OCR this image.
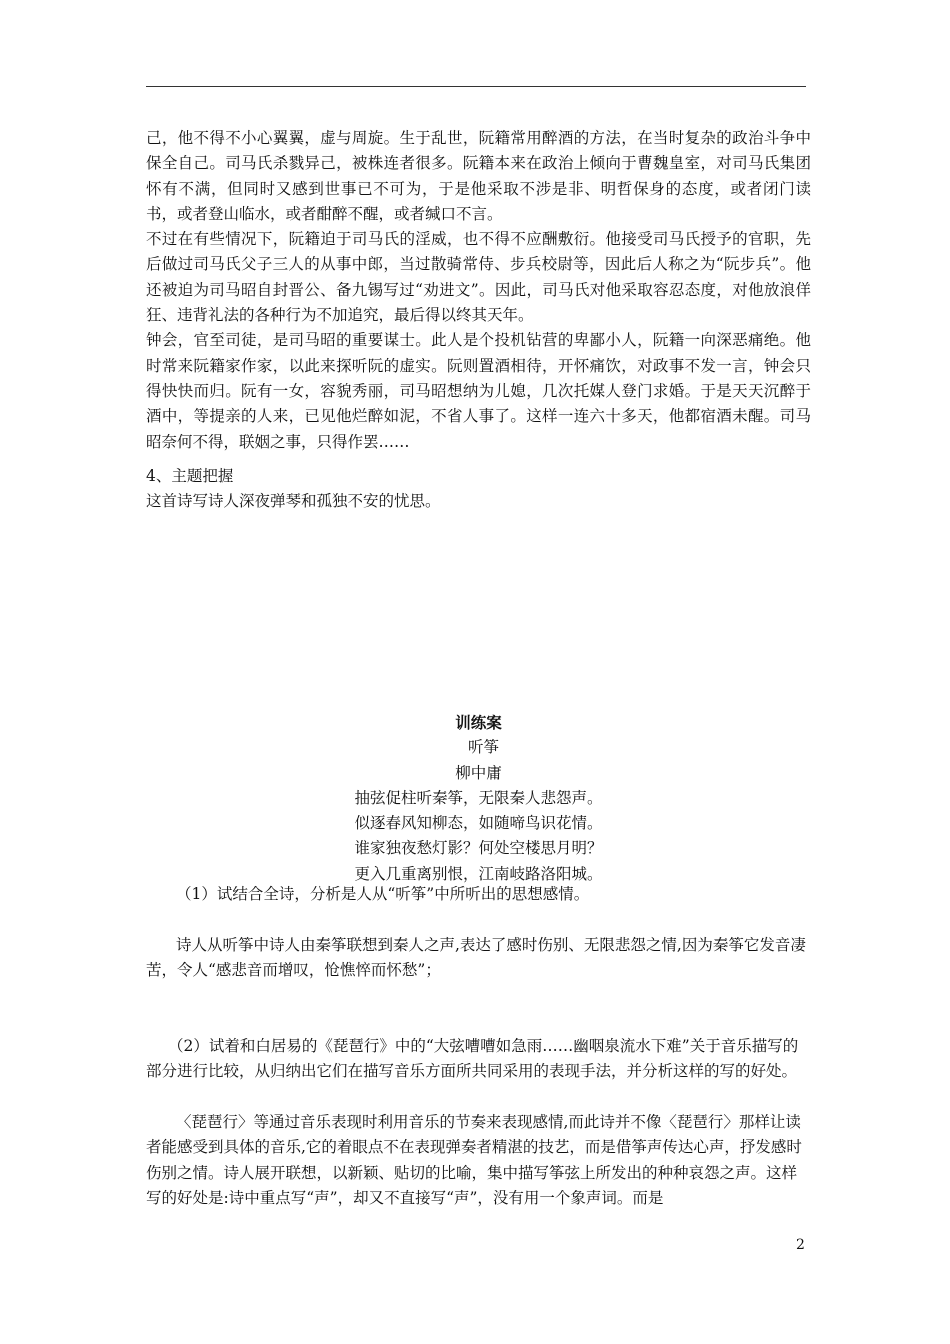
己，他不得不小心翼翼，虚与周旋。生于乱世，阮籍常用醉酒的方法，在当时复杂的政治斗争中保全自己。司马氏杀戮异己，被株连者很多。阮籍本来在政治上倾向于曹魏皇室，对司马氏集团怀有不满，但同时又感到世事已不可为，于是他采取不涉是非、明哲保身的态度，或者闭门读书，或者登山临水，或者酣醉不醒，或者缄口不言。

不过在有些情况下，阮籍迫于司马氏的淫威，也不得不应酬敷衍。他接受司马氏授予的官职，先后做过司马氏父子三人的从事中郎，当过散骑常侍、步兵校尉等，因此后人称之为“阮步兵”。他还被迫为司马昭自封晋公、备九锡写过“劝进文”。因此，司马氏对他采取容忍态度，对他放浪佯狂、违背礼法的各种行为不加追究，最后得以终其天年。

钟会，官至司徒，是司马昭的重要谋士。此人是个投机钻营的卑鄙小人，阮籍一向深恶痛绝。他时常来阮籍家作家，以此来探听阮的虚实。阮则置酒相待，开怀痛饮，对政事不发一言，钟会只得快快而归。阮有一女，容貌秀丽，司马昭想纳为儿媳，几次托媒人登门求婚。于是天天沉醉于酒中，等提亲的人来，已见他烂醉如泥，不省人事了。这样一连六十多天，他都宿酒未醒。司马昭奈何不得，联姻之事，只得作罢……

4、主题把握

这首诗写诗人深夜弹琴和孤独不安的忧思。

训练案

听筝

柳中庸

抽弦促柱听秦筝，无限秦人悲怨声。

似逐春风知柳态，如随啼鸟识花情。

谁家独夜愁灯影？何处空楼思月明？

更入几重离别恨，江南岐路洛阳城。

（1）试结合全诗，分析是人从“听筝”中所听出的思想感情。
诗人从听筝中诗人由秦筝联想到秦人之声,表达了感时伤别、无限悲怨之情,因为秦筝它发音凄苦，令人“感悲音而增叹，怆憔悴而怀愁”；
（2）试着和白居易的《琵琶行》中的“大弦嘈嘈如急雨……幽咽泉流水下难”关于音乐描写的部分进行比较，从归纳出它们在描写音乐方面所共同采用的表现手法，并分析这样的写的好处。
〈琵琶行〉等通过音乐表现时利用音乐的节奏来表现感情,而此诗并不像〈琵琶行〉那样让读者能感受到具体的音乐,它的着眼点不在表现弹奏者精湛的技艺，而是借筝声传达心声，抒发感时伤别之情。诗人展开联想，以新颖、贴切的比喻，集中描写筝弦上所发出的种种哀怨之声。这样写的好处是:诗中重点写“声”，却又不直接写“声”，没有用一个象声词。而是
2
